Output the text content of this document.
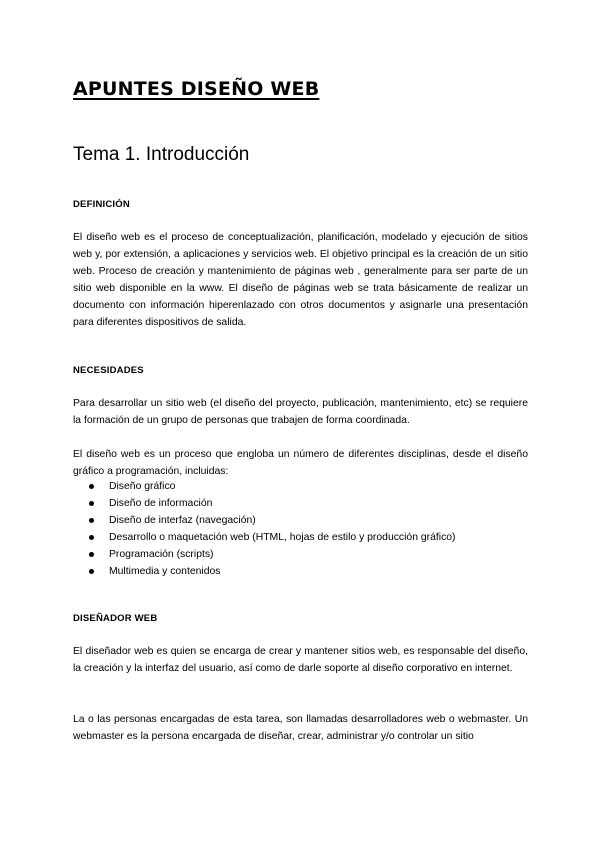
APUNTES DISEÑO WEB
Tema 1. Introducción
DEFINICIÓN

El diseño web es el proceso de conceptualización, planificación, modelado y ejecución de sitios web y, por extensión, a aplicaciones y servicios web. El objetivo principal es la creación de un sitio web. Proceso de creación y mantenimiento de páginas web , generalmente para ser parte de un sitio web disponible en la www. El diseño de páginas web se trata básicamente de realizar un documento con información hiperenlazado con otros documentos y asignarle una presentación para diferentes dispositivos de salida.

NECESIDADES

Para desarrollar un sitio web (el diseño del proyecto, publicación, mantenimiento, etc) se requiere la formación de un grupo de personas que trabajen de forma coordinada.

El diseño web es un proceso que engloba un número de diferentes disciplinas, desde el diseño gráfico a programación, incluidas:

Diseño gráfico
Diseño de información
Diseño de interfaz (navegación)
Desarrollo o maquetación web (HTML, hojas de estilo y producción gráfico)
Programación (scripts)
Multimedia y contenidos
DISEÑADOR WEB

El diseñador web es quien se encarga de crear y mantener sitios web, es responsable del diseño, la creación y la interfaz del usuario, así como de darle soporte al diseño corporativo en internet.

La o las personas encargadas de esta tarea, son llamadas desarrolladores web o webmaster. Un webmaster es la persona encargada de diseñar, crear, administrar y/o controlar un sitio
